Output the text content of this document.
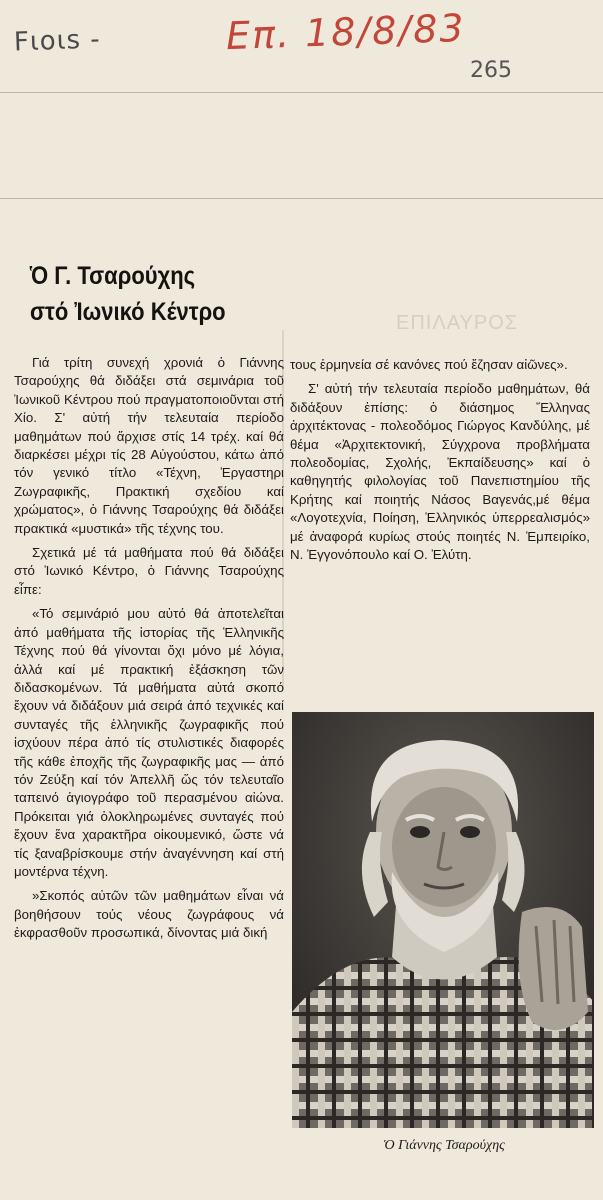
Fιοιs -	Επ. 18/8/83
265
ΕΠΙΛΑΥΡΟΣ
Ὁ Γ. Τσαρούχης
στό Ἰωνικό Κέντρο

Γιά τρίτη συνεχή χρονιά ὁ Γιάννης Τσαρούχης θά διδάξει στά σεμινάρια τοῦ Ἰωνικοῦ Κέντρου πού πραγματοποιοῦνται στή Χίο. Σ' αὐτή τήν τελευταία περίοδο μαθημάτων πού ἄρχισε στίς 14 τρέχ. καί θά διαρκέσει μέχρι τίς 28 Αὐγούστου, κάτω ἀπό τόν γενικό τίτλο «Τέχνη, Ἐργαστηρι Ζωγραφικῆς, Πρακτική σχεδίου καί χρώματος», ὁ Γιάννης Τσαρούχης θά διδάξει πρακτικά «μυστικά» τῆς τέχνης του.

Σχετικά μέ τά μαθήματα πού θά διδάξει στό Ἰωνικό Κέντρο, ὁ Γιάννης Τσαρούχης εἶπε:

«Τό σεμινάριό μου αὐτό θά ἀποτελεῖται ἀπό μαθήματα τῆς ἱστορίας τῆς Ἑλληνικῆς Τέχνης πού θά γίνονται ὄχι μόνο μέ λόγια, ἀλλά καί μέ πρακτική ἐξάσκηση τῶν διδασκομένων. Τά μαθήματα αὐτά σκοπό ἔχουν νά διδάξουν μιά σειρά ἀπό τεχνικές καί συνταγές τῆς ἑλληνικῆς ζωγραφικῆς πού ἰσχύουν πέρα ἀπό τίς στυλιστικές διαφορές τῆς κάθε ἐποχῆς τῆς ζωγραφικῆς μας — ἀπό τόν Ζεύξη καί τόν Ἀπελλῆ ὥς τόν τελευταῖο ταπεινό ἁγιογράφο τοῦ περασμένου αἰώνα. Πρόκειται γιά ὁλοκληρωμένες συνταγές πού ἔχουν ἕνα χαρακτῆρα οἰκουμενικό, ὥστε νά τίς ξαναβρίσκουμε στήν ἀναγέννηση καί στή μοντέρνα τέχνη.

»Σκοπός αὐτῶν τῶν μαθημάτων εἶναι νά βοηθήσουν τούς νέους ζωγράφους νά ἐκφρασθοῦν προσωπικά, δίνοντας μιά δική

τους ἑρμηνεία σέ κανόνες πού ἔζησαν αἰῶνες».

Σ' αὐτή τήν τελευταία περίοδο μαθημάτων, θά διδάξουν ἐπίσης: ὁ διάσημος Ἕλληνας ἀρχιτέκτονας - πολεοδόμος Γιώργος Κανδύλης, μέ θέμα «Ἀρχιτεκτονική, Σύγχρονα προβλήματα πολεοδομίας, Σχολής, Ἐκπαίδευσης» καί ὁ καθηγητής φιλολογίας τοῦ Πανεπιστημίου τῆς Κρήτης καί ποιητής Νάσος Βαγενάς,μέ θέμα «Λογοτεχνία, Ποίηση, Ἑλληνικός ὑπερρεαλισμός» μέ ἀναφορά κυρίως στούς ποιητές Ν. Ἐμπειρίκο, Ν. Ἐγγονόπουλο καί Ο. Ἐλύτη.

Ὁ Γιάννης Τσαρούχης
